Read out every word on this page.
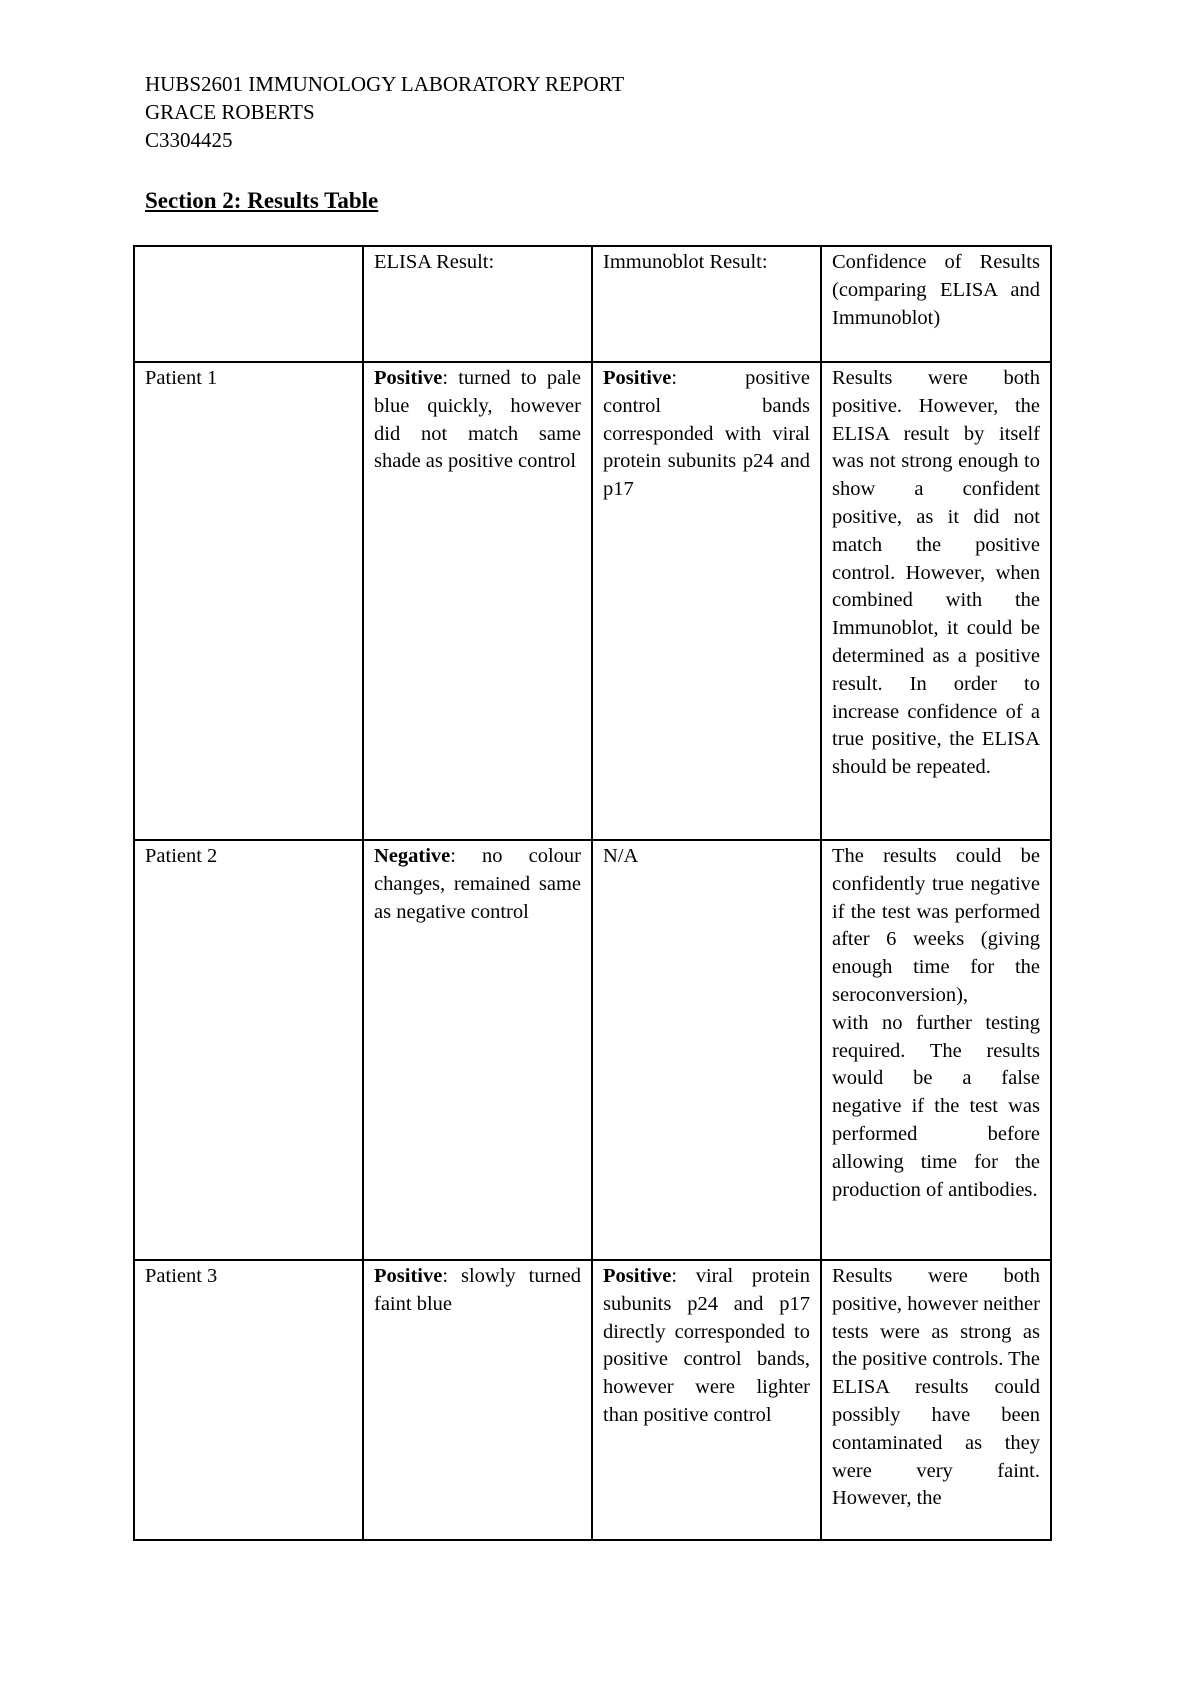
HUBS2601 IMMUNOLOGY LABORATORY REPORT
GRACE ROBERTS
C3304425
Section 2: Results Table
	ELISA Result:	Immunoblot Result:	Confidence of Results (comparing ELISA and Immunoblot)
Patient 1	Positive: turned to pale blue quickly, however did not match same shade as positive control	Positive: positive control bands corresponded with viral protein subunits p24 and p17	Results were both positive. However, the ELISA result by itself was not strong enough to show a confident positive, as it did not match the positive control. However, when combined with the Immunoblot, it could be determined as a positive result. In order to increase confidence of a true positive, the ELISA should be repeated.
Patient 2	Negative: no colour changes, remained same as negative control	N/A	The results could be confidently true negative if the test was performed after 6 weeks (giving enough time for the seroconversion),
with no further testing required. The results would be a false negative if the test was performed before allowing time for the production of antibodies.

Patient 3	Positive: slowly turned faint blue	Positive: viral protein subunits p24 and p17 directly corresponded to positive control bands, however were lighter than positive control	Results were both positive, however neither tests were as strong as the positive controls. The ELISA results could possibly have been contaminated as they were very faint. However, the
